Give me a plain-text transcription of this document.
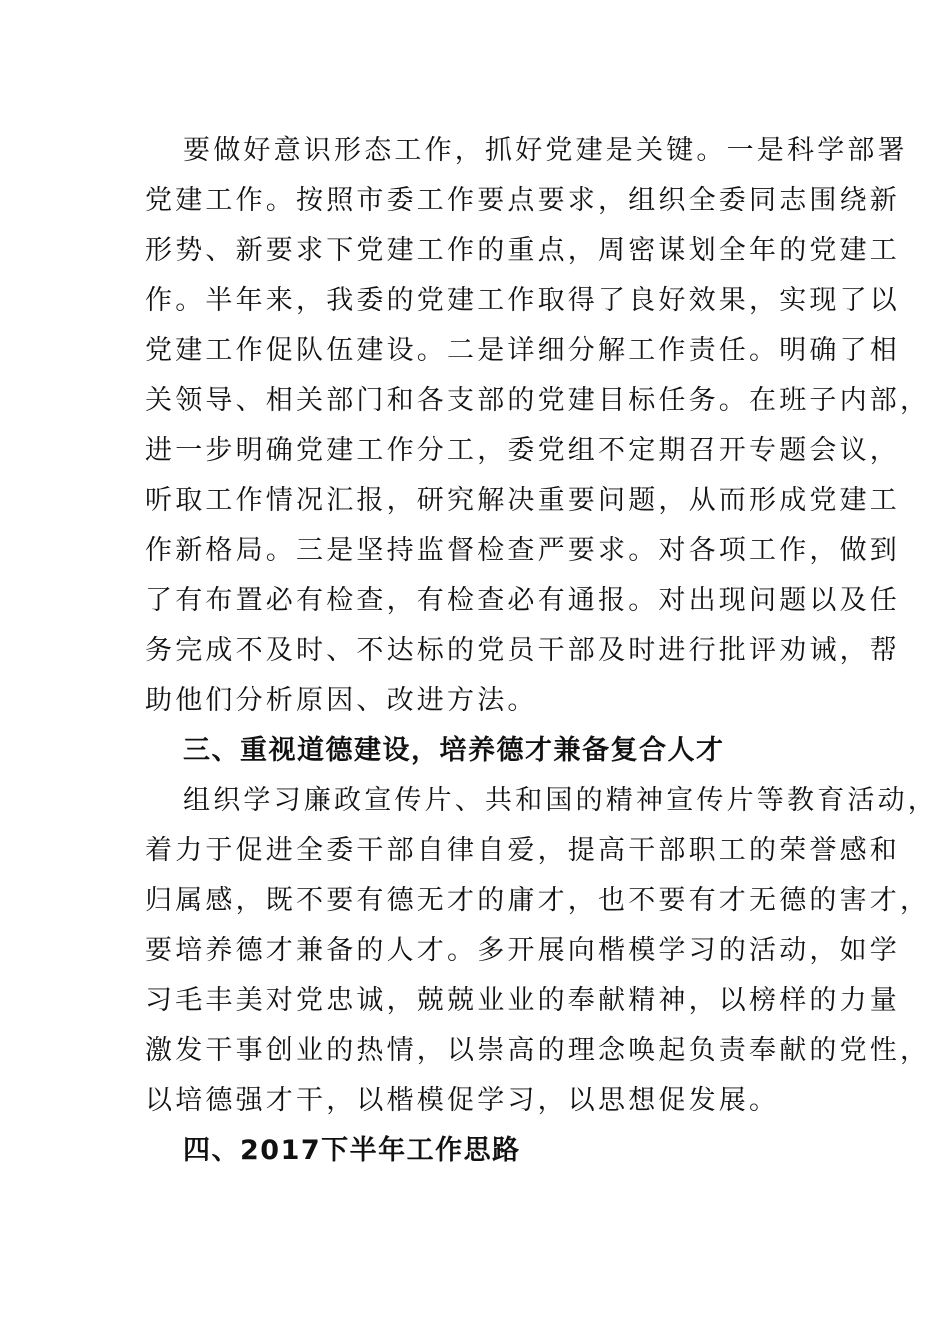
要做好意识形态工作，抓好党建是关键。一是科学部署
党建工作。按照市委工作要点要求，组织全委同志围绕新
形势、新要求下党建工作的重点，周密谋划全年的党建工
作。半年来，我委的党建工作取得了良好效果，实现了以
党建工作促队伍建设。二是详细分解工作责任。明确了相
关领导、相关部门和各支部的党建目标任务。在班子内部，
进一步明确党建工作分工，委党组不定期召开专题会议，
听取工作情况汇报，研究解决重要问题，从而形成党建工
作新格局。三是坚持监督检查严要求。对各项工作，做到
了有布置必有检查，有检查必有通报。对出现问题以及任
务完成不及时、不达标的党员干部及时进行批评劝诫，帮
助他们分析原因、改进方法。
三、重视道德建设，培养德才兼备复合人才
组织学习廉政宣传片、共和国的精神宣传片等教育活动，
着力于促进全委干部自律自爱，提高干部职工的荣誉感和
归属感，既不要有德无才的庸才，也不要有才无德的害才，
要培养德才兼备的人才。多开展向楷模学习的活动，如学
习毛丰美对党忠诚，兢兢业业的奉献精神，以榜样的力量
激发干事创业的热情，以崇高的理念唤起负责奉献的党性，
以培德强才干，以楷模促学习，以思想促发展。
四、2017下半年工作思路
